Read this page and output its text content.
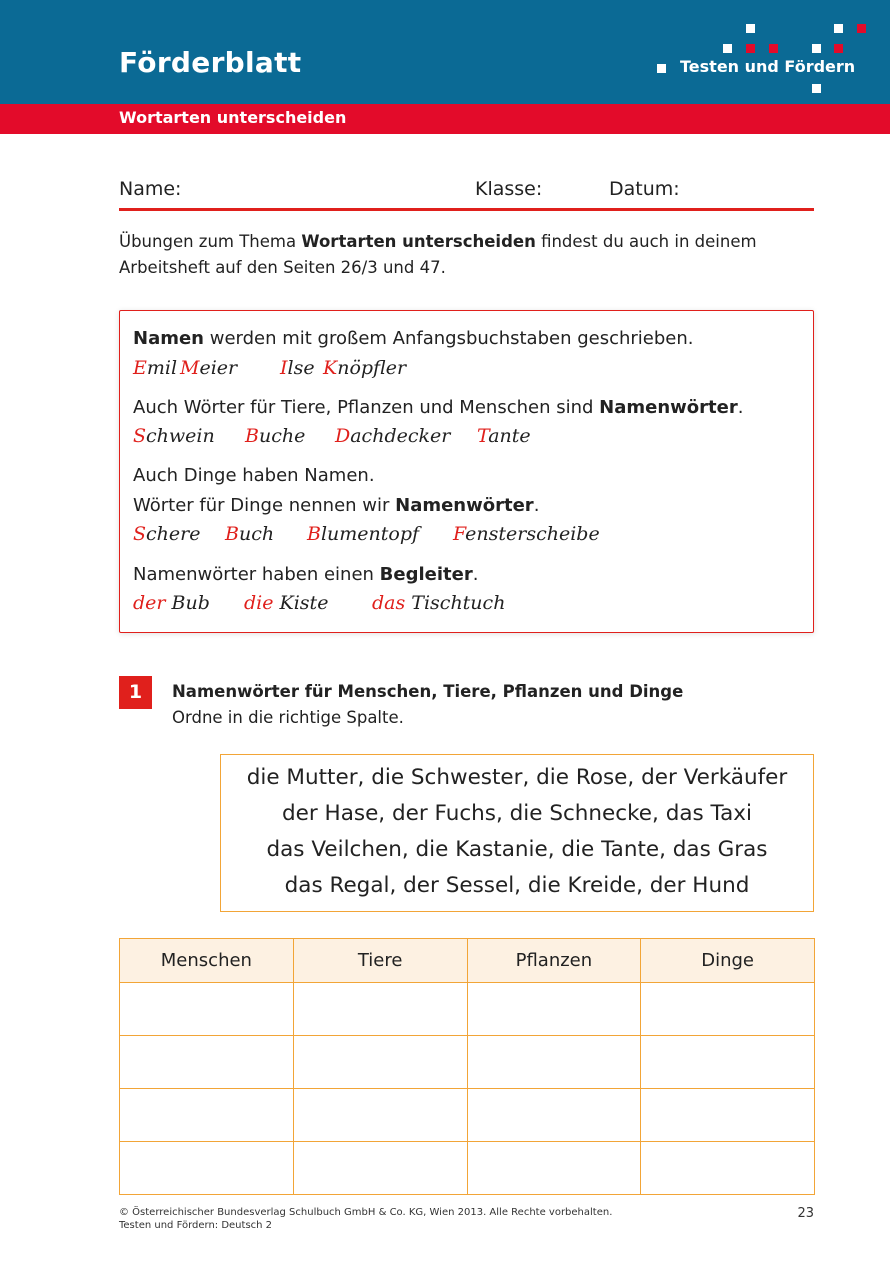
Förderblatt	Testen und Fördern
Wortarten unterscheiden
Name:	Klasse:	Datum:
Übungen zum Thema Wortarten unterscheiden findest du auch in deinem
Arbeitsheft auf den Seiten 26/3 und 47.
Namen werden mit großem Anfangsbuchstaben geschrieben.
Emil Meier Ilse Knöpfler
Auch Wörter für Tiere, Pflanzen und Menschen sind Namenwörter.
Schwein Buche Dachdecker Tante
Auch Dinge haben Namen.
Wörter für Dinge nennen wir Namenwörter.
Schere Buch Blumentopf Fensterscheibe
Namenwörter haben einen Begleiter.
der Bub die Kiste das Tischtuch
1	Namenwörter für Menschen, Tiere, Pflanzen und Dinge
Ordne in die richtige Spalte.
die Mutter, die Schwester, die Rose, der Verkäufer
der Hase, der Fuchs, die Schnecke, das Taxi
das Veilchen, die Kastanie, die Tante, das Gras
das Regal, der Sessel, die Kreide, der Hund
Menschen	Tiere	Pflanzen	Dinge

© Österreichischer Bundesverlag Schulbuch GmbH & Co. KG, Wien 2013. Alle Rechte vorbehalten.
Testen und Fördern: Deutsch 2
23
